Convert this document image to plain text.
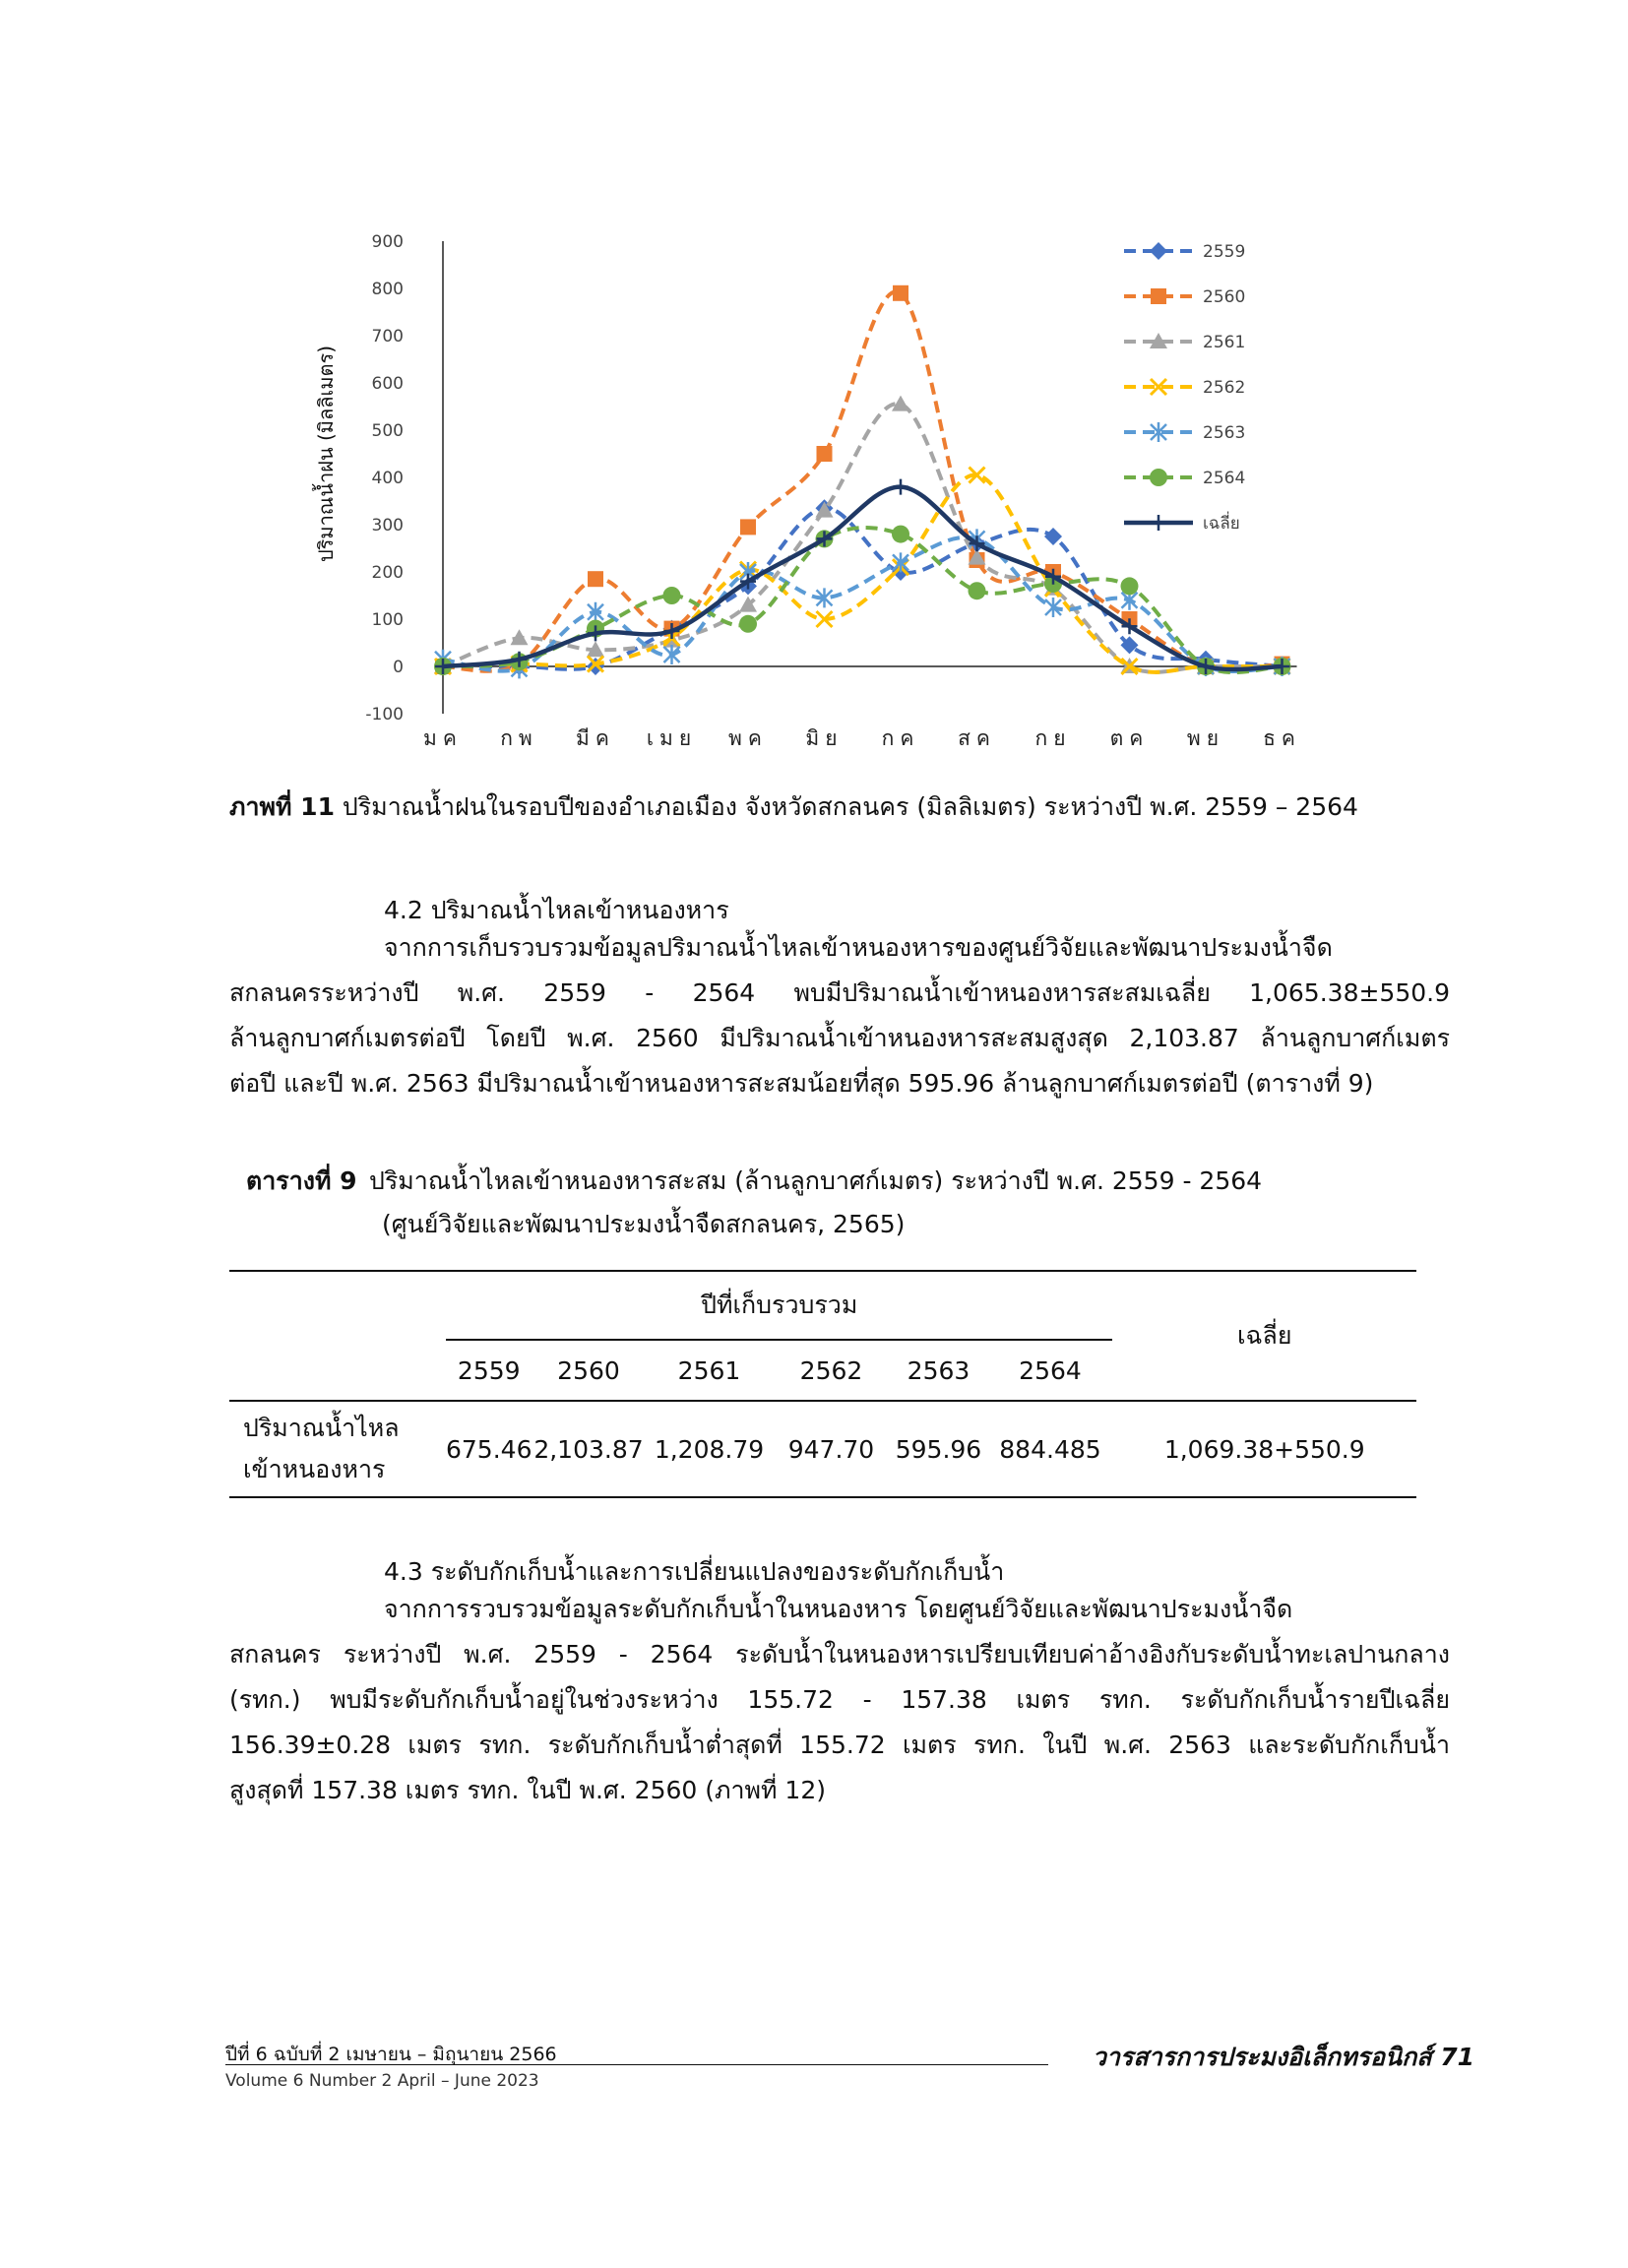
ปริมาณน้ำฝน (มิลลิเมตร)
-100
0
100
200
300
400
500
600
700
800
900
มค กพ มีค เมย พค มิย กค สค กย ตค พย ธค
2559
2560
2561
2562
2563
2564
เฉลี่ย
ภาพที่ 11 ปริมาณน้ำฝนในรอบปีของอำเภอเมือง จังหวัดสกลนคร (มิลลิเมตร) ระหว่างปี พ.ศ. 2559 – 2564
4.2 ปริมาณน้ำไหลเข้าหนองหาร
จากการเก็บรวบรวมข้อมูลปริมาณน้ำไหลเข้าหนองหารของศูนย์วิจัยและพัฒนาประมงน้ำจืด
สกลนครระหว่างปี พ.ศ. 2559 - 2564 พบมีปริมาณน้ำเข้าหนองหารสะสมเฉลี่ย 1,065.38±550.9
ล้านลูกบาศก์เมตรต่อปี โดยปี พ.ศ. 2560 มีปริมาณน้ำเข้าหนองหารสะสมสูงสุด 2,103.87 ล้านลูกบาศก์เมตร
ต่อปี และปี พ.ศ. 2563 มีปริมาณน้ำเข้าหนองหารสะสมน้อยที่สุด 595.96 ล้านลูกบาศก์เมตรต่อปี (ตารางที่ 9)
ตารางที่ 9 ปริมาณน้ำไหลเข้าหนองหารสะสม (ล้านลูกบาศก์เมตร) ระหว่างปี พ.ศ. 2559 - 2564
(ศูนย์วิจัยและพัฒนาประมงน้ำจืดสกลนคร, 2565)
	ปีที่เก็บรวบรวม						เฉลี่ย
	2559	2560	2561	2562	2563	2564	

ปริมาณน้ำไหล
เข้าหนองหาร	675.46	2,103.87	1,208.79	947.70	595.96	884.485	1,069.38+550.9
4.3 ระดับกักเก็บน้ำและการเปลี่ยนแปลงของระดับกักเก็บน้ำ
จากการรวบรวมข้อมูลระดับกักเก็บน้ำในหนองหาร โดยศูนย์วิจัยและพัฒนาประมงน้ำจืด
สกลนคร ระหว่างปี พ.ศ. 2559 - 2564 ระดับน้ำในหนองหารเปรียบเทียบค่าอ้างอิงกับระดับน้ำทะเลปานกลาง
(รทก.) พบมีระดับกักเก็บน้ำอยู่ในช่วงระหว่าง 155.72 - 157.38 เมตร รทก. ระดับกักเก็บน้ำรายปีเฉลี่ย
156.39±0.28 เมตร รทก. ระดับกักเก็บน้ำต่ำสุดที่ 155.72 เมตร รทก. ในปี พ.ศ. 2563 และระดับกักเก็บน้ำ
สูงสุดที่ 157.38 เมตร รทก. ในปี พ.ศ. 2560 (ภาพที่ 12)
ปีที่ 6 ฉบับที่ 2 เมษายน – มิถุนายน 2566
Volume 6 Number 2 April – June 2023
วารสารการประมงอิเล็กทรอนิกส์ 71
